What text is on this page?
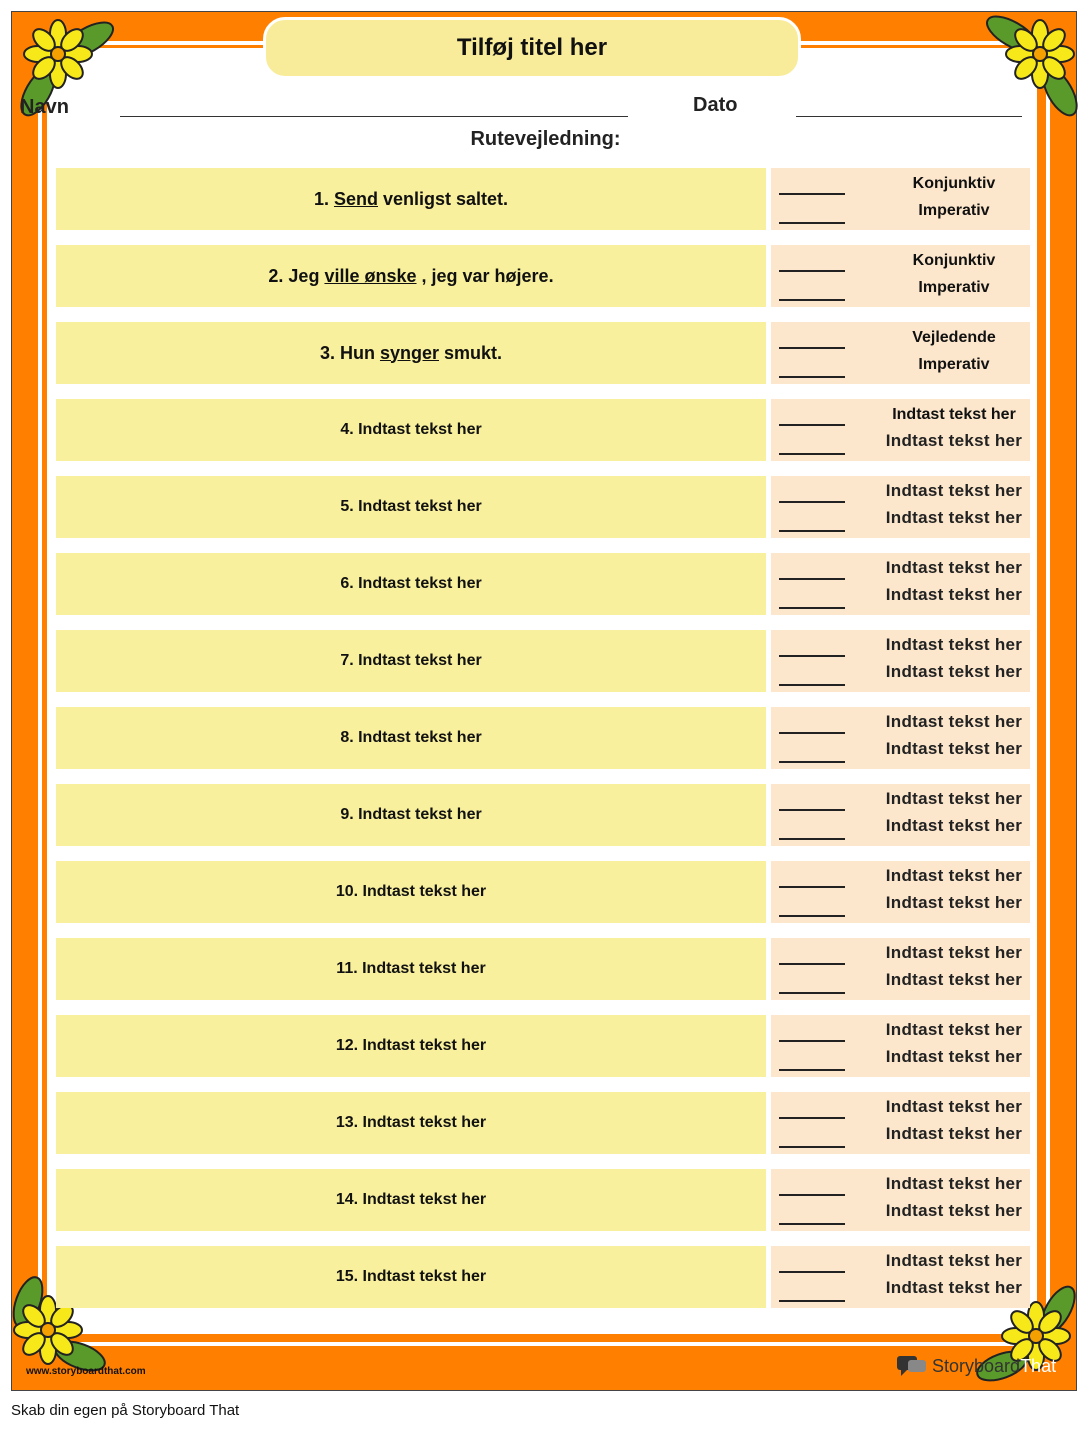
Tilføj titel her
Navn	Dato
Rutevejledning:
1.
Send venligst saltet.
Konjunktiv
Imperativ
2. Jeg ville ønske , jeg var højere.
Konjunktiv
Imperativ
3. Hun synger smukt.
Vejledende
Imperativ
4. Indtast tekst her
Indtast tekst her
Indtast tekst her
5. Indtast tekst her
Indtast tekst her
Indtast tekst her
6. Indtast tekst her
Indtast tekst her
Indtast tekst her
7. Indtast tekst her
Indtast tekst her
Indtast tekst her
8. Indtast tekst her
Indtast tekst her
Indtast tekst her
9. Indtast tekst her
Indtast tekst her
Indtast tekst her
10. Indtast tekst her
Indtast tekst her
Indtast tekst her
11. Indtast tekst her
Indtast tekst her
Indtast tekst her
12. Indtast tekst her
Indtast tekst her
Indtast tekst her
13. Indtast tekst her
Indtast tekst her
Indtast tekst her
14. Indtast tekst her
Indtast tekst her
Indtast tekst her
15. Indtast tekst her
Indtast tekst her
Indtast tekst her
www.storyboardthat.com	Storyboard That
Skab din egen på Storyboard That
